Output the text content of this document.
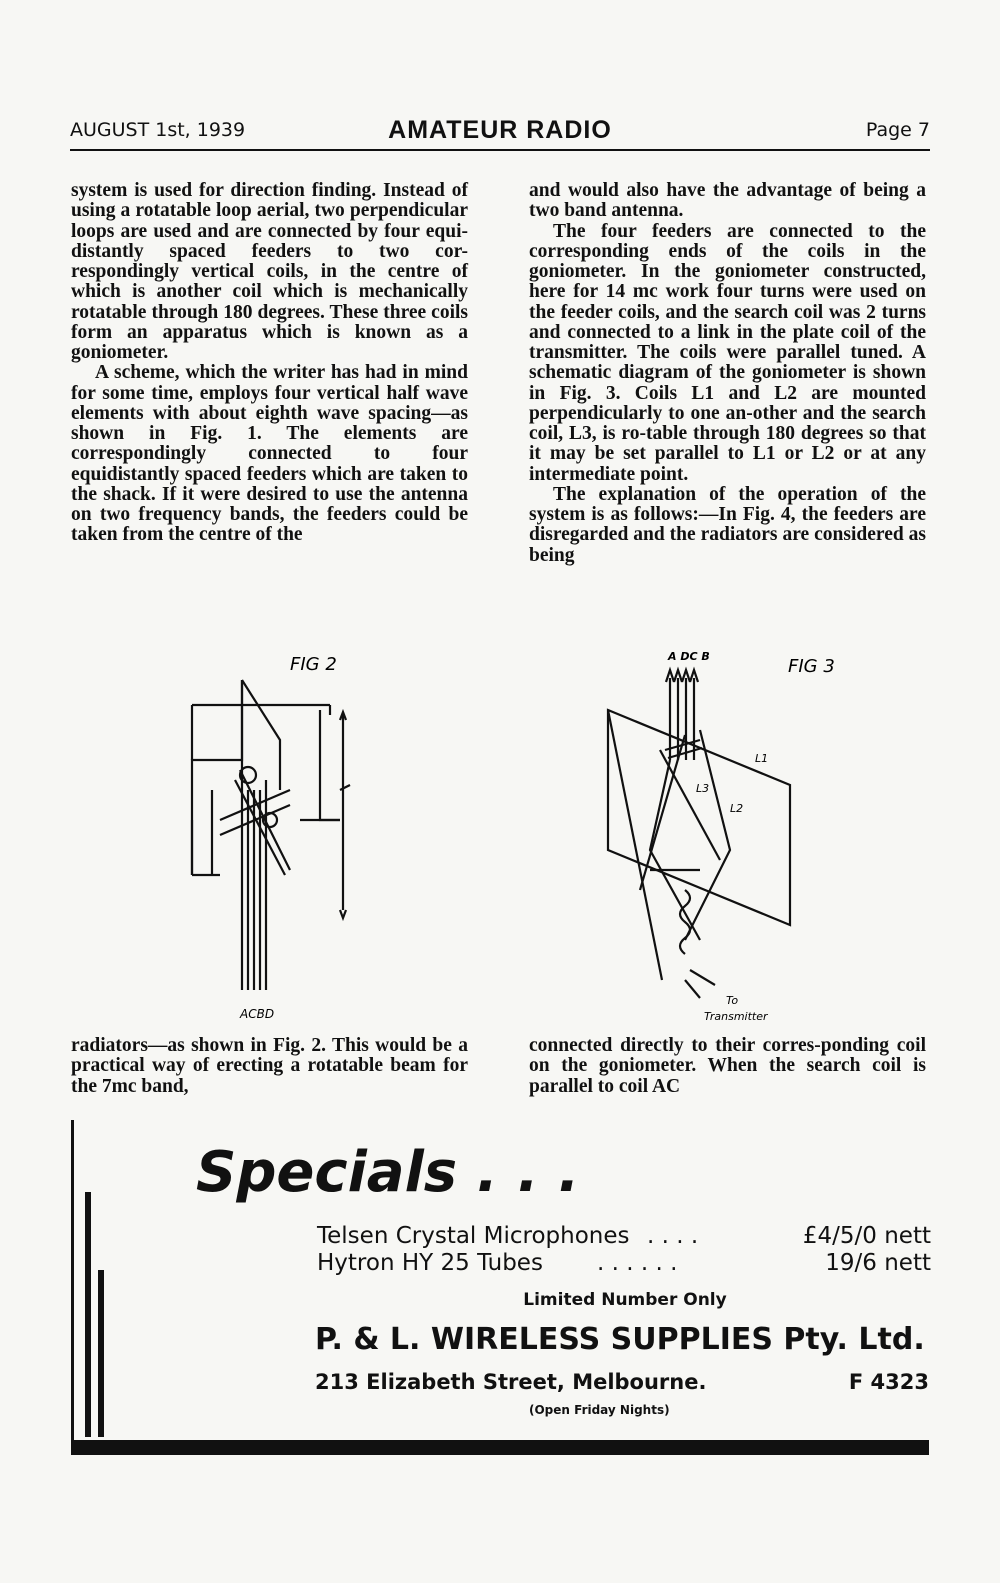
AUGUST 1st, 1939	AMATEUR RADIO	Page 7

system is used for direction finding. Instead of using a rotatable loop aerial, two perpendicular loops are used and are connected by four equi-distantly spaced feeders to two cor-respondingly vertical coils, in the centre of which is another coil which is mechanically rotatable through 180 degrees. These three coils form an apparatus which is known as a goniometer.

A scheme, which the writer has had in mind for some time, employs four vertical half wave elements with about eighth wave spacing—as shown in Fig. 1. The elements are correspondingly connected to four equidistantly spaced feeders which are taken to the shack. If it were desired to use the antenna on two frequency bands, the feeders could be taken from the centre of the

and would also have the advantage of being a two band antenna.

The four feeders are connected to the corresponding ends of the coils in the goniometer. In the goniometer constructed, here for 14 mc work four turns were used on the feeder coils, and the search coil was 2 turns and connected to a link in the plate coil of the transmitter. The coils were parallel tuned. A schematic diagram of the goniometer is shown in Fig. 3. Coils L1 and L2 are mounted perpendicularly to one an-other and the search coil, L3, is ro-table through 180 degrees so that it may be set parallel to L1 or L2 or at any intermediate point.

The explanation of the operation of the system is as follows:—In Fig. 4, the feeders are disregarded and the radiators are considered as being

FIG 2
ACBD
A DC B	FIG 3
L1
L2
L3
To
Transmitter

radiators—as shown in Fig. 2. This would be a practical way of erecting a rotatable beam for the 7mc band,

connected directly to their corres-ponding coil on the goniometer. When the search coil is parallel to coil AC

Specials . . .
Telsen Crystal Microphones . . . .	£4/5/0 nett
Hytron HY 25 Tubes . . . . . .	19/6 nett
Limited Number Only
P. & L. WIRELESS SUPPLIES Pty. Ltd.
213 Elizabeth Street, Melbourne.	F 4323
(Open Friday Nights)
